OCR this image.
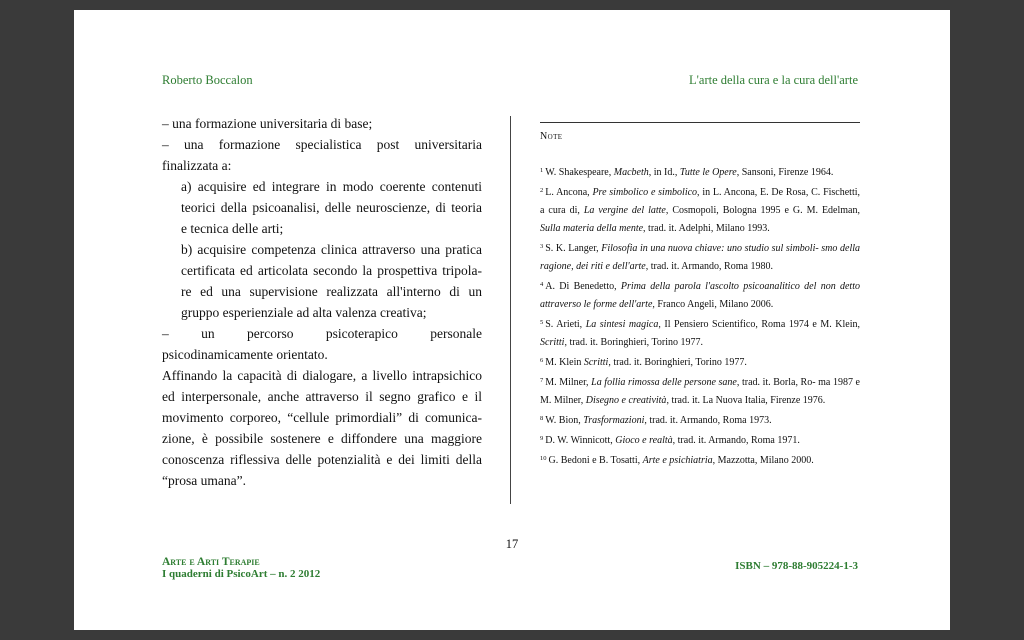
Roberto Boccalon	L'arte della cura e la cura dell'arte

– una formazione universitaria di base;

– una formazione specialistica post universitaria

finalizzata a:

a) acquisire ed integrare in modo coerente contenuti

teorici della psicoanalisi, delle neuroscienze, di teoria

e tecnica delle arti;

b) acquisire competenza clinica attraverso una pratica

certificata ed articolata secondo la prospettiva tripola-

re ed una supervisione realizzata all'interno di un

gruppo esperienziale ad alta valenza creativa;

– un percorso psicoterapico personale

psicodinamicamente orientato.

Affinando la capacità di dialogare, a livello intrapsichico ed interpersonale, anche attraverso il segno grafico e il movimento corporeo, “cellule primordiali” di comunica- zione, è possibile sostenere e diffondere una maggiore conoscenza riflessiva delle potenzialità e dei limiti della “prosa umana”.

Note

$^1$ W. Shakespeare, Macbeth, in Id., Tutte le Opere, Sansoni, Firenze 1964.

$^2$ L. Ancona, Pre simbolico e simbolico, in L. Ancona, E. De Rosa, C. Fischetti, a cura di, La vergine del latte, Cosmopoli, Bologna 1995 e G. M. Edelman, Sulla materia della mente, trad. it. Adelphi, Milano 1993.

$^3$ S. K. Langer, Filosofia in una nuova chiave: uno studio sul simboli- smo della ragione, dei riti e dell'arte, trad. it. Armando, Roma 1980.

$^4$ A. Di Benedetto, Prima della parola l'ascolto psicoanalitico del non detto attraverso le forme dell'arte, Franco Angeli, Milano 2006.

$^5$ S. Arieti, La sintesi magica, Il Pensiero Scientifico, Roma 1974 e M. Klein, Scritti, trad. it. Boringhieri, Torino 1977.

$^6$ M. Klein Scritti, trad. it. Boringhieri, Torino 1977.

$^7$ M. Milner, La follia rimossa delle persone sane, trad. it. Borla, Ro- ma 1987 e M. Milner, Disegno e creatività, trad. it. La Nuova Italia, Firenze 1976.

$^8$ W. Bion, Trasformazioni, trad. it. Armando, Roma 1973.

$^9$ D. W. Winnicott, Gioco e realtà, trad. it. Armando, Roma 1971.

$^{10}$ G. Bedoni e B. Tosatti, Arte e psichiatria, Mazzotta, Milano 2000.

17
Arte e Arti Terapie
I quaderni di PsicoArt – n. 2 2012
ISBN – 978-88-905224-1-3
